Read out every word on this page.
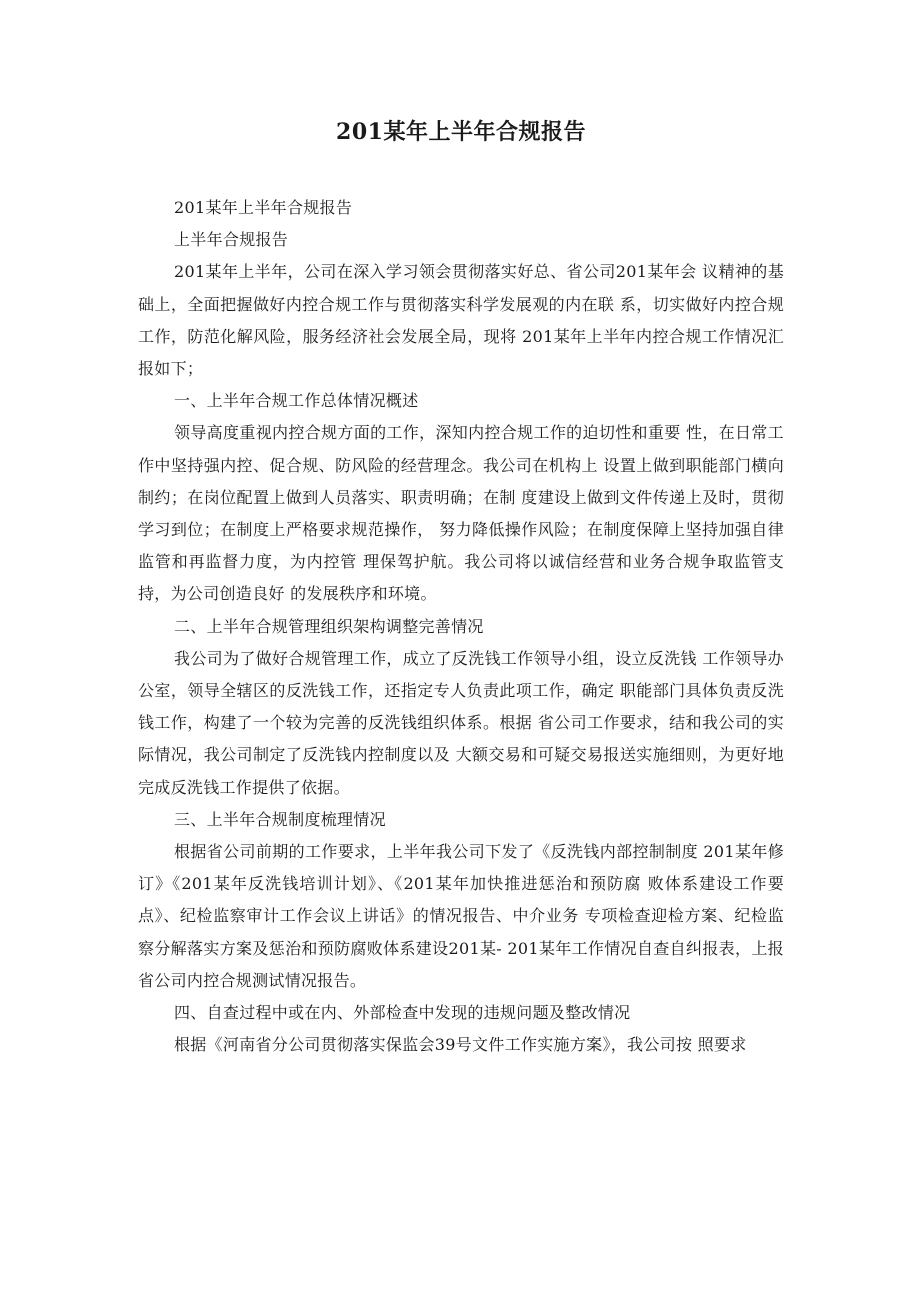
201某年上半年合规报告

201某年上半年合规报告

上半年合规报告

201某年上半年，公司在深入学习领会贯彻落实好总、省公司201某年会 议精神的基础上，全面把握做好内控合规工作与贯彻落实科学发展观的内在联 系，切实做好内控合规工作，防范化解风险，服务经济社会发展全局，现将 201某年上半年内控合规工作情况汇报如下；

一、上半年合规工作总体情况概述

领导高度重视内控合规方面的工作，深知内控合规工作的迫切性和重要 性，在日常工作中坚持强内控、促合规、防风险的经营理念。我公司在机构上 设置上做到职能部门横向制约；在岗位配置上做到人员落实、职责明确；在制 度建设上做到文件传递上及时，贯彻学习到位；在制度上严格要求规范操作， 努力降低操作风险；在制度保障上坚持加强自律监管和再监督力度，为内控管 理保驾护航。我公司将以诚信经营和业务合规争取监管支持，为公司创造良好 的发展秩序和环境。

二、上半年合规管理组织架构调整完善情况

我公司为了做好合规管理工作，成立了反洗钱工作领导小组，设立反洗钱 工作领导办公室，领导全辖区的反洗钱工作，还指定专人负责此项工作，确定 职能部门具体负责反洗钱工作，构建了一个较为完善的反洗钱组织体系。根据 省公司工作要求，结和我公司的实际情况，我公司制定了反洗钱内控制度以及 大额交易和可疑交易报送实施细则，为更好地完成反洗钱工作提供了依据。

三、上半年合规制度梳理情况

根据省公司前期的工作要求，上半年我公司下发了《反洗钱内部控制制度 201某年修订》《201某年反洗钱培训计划》、《201某年加快推进惩治和预防腐 败体系建设工作要点》、纪检监察审计工作会议上讲话》的情况报告、中介业务 专项检查迎检方案、纪检监察分解落实方案及惩治和预防腐败体系建设201某- 201某年工作情况自查自纠报表，上报省公司内控合规测试情况报告。

四、自查过程中或在内、外部检查中发现的违规问题及整改情况

根据《河南省分公司贯彻落实保监会39号文件工作实施方案》，我公司按 照要求
